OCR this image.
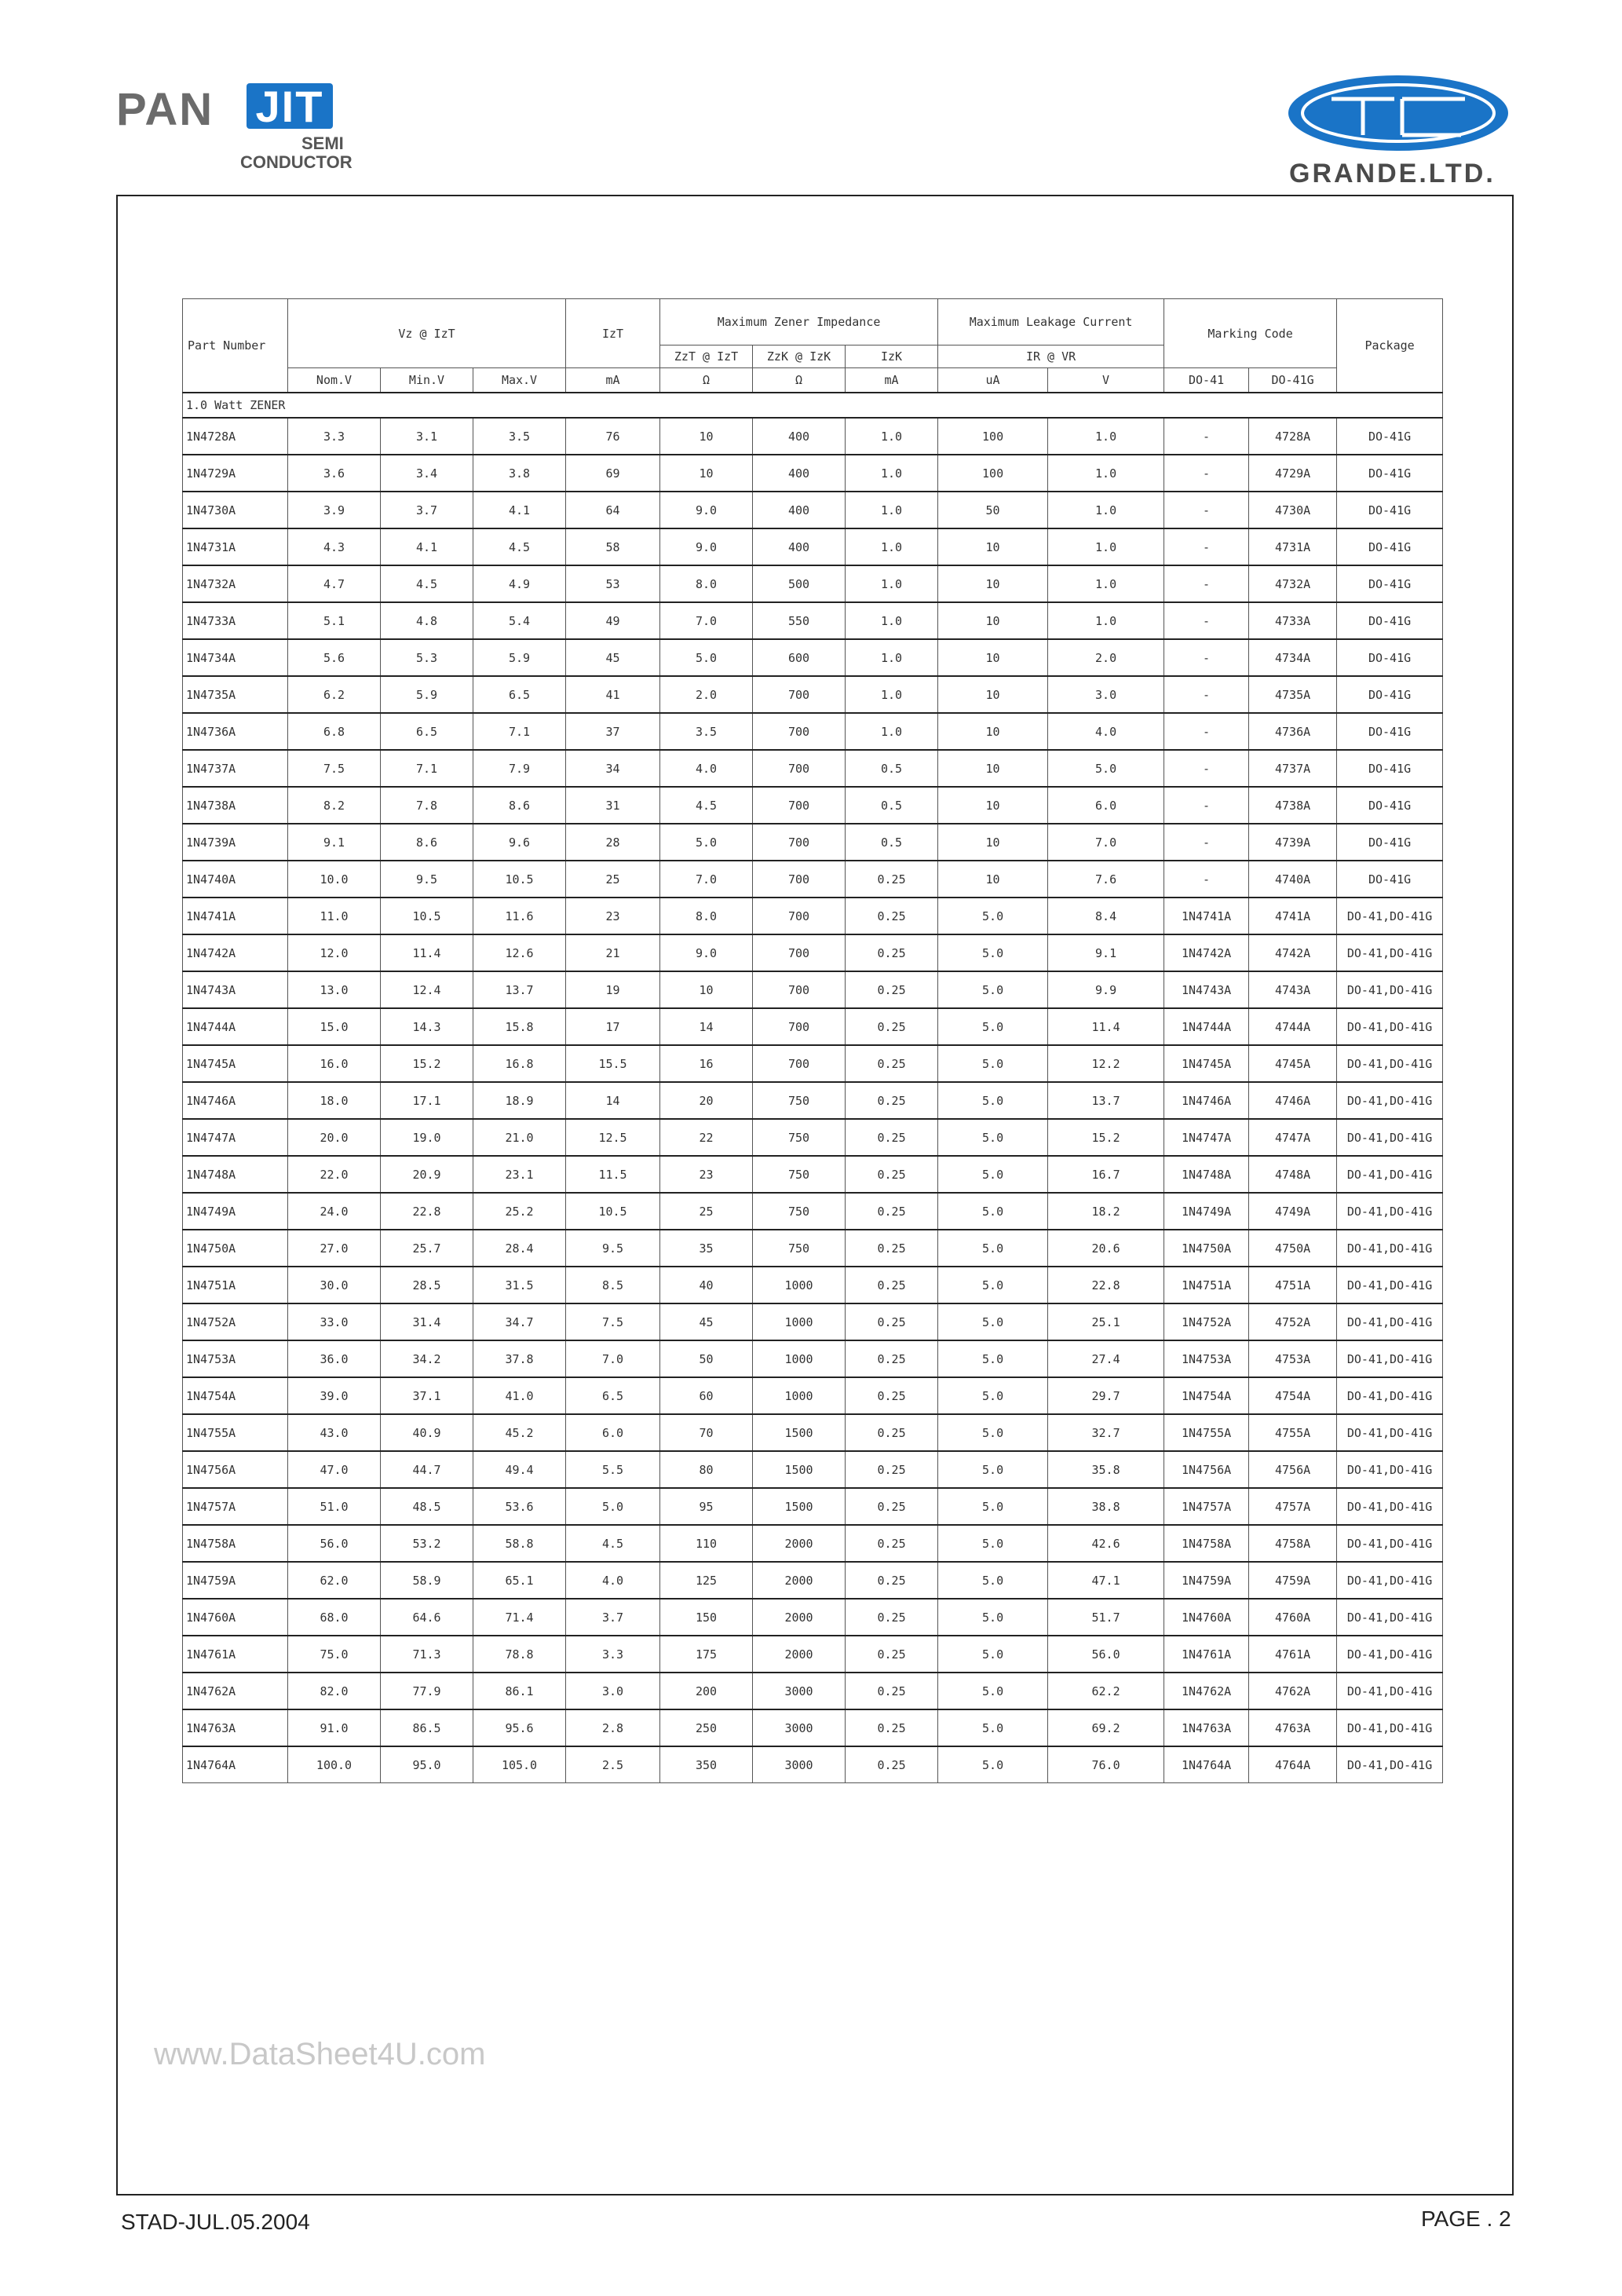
PAN JIT
SEMI
CONDUCTOR	GRANDE.LTD.
Part Number	Vz @ IzT			IzT	Maximum Zener Impedance			Maximum Leakage Current		Marking Code		Package
					ZzT @ IzT	ZzK @ IzK	IzK	IR @ VR				
	Nom.V	Min.V	Max.V	mA	Ω	Ω	mA	uA	V	DO-41	DO-41G	
1.0 Watt ZENER												
1N4728A	3.3	3.1	3.5	76	10	400	1.0	100	1.0	-	4728A	DO-41G
1N4729A	3.6	3.4	3.8	69	10	400	1.0	100	1.0	-	4729A	DO-41G
1N4730A	3.9	3.7	4.1	64	9.0	400	1.0	50	1.0	-	4730A	DO-41G
1N4731A	4.3	4.1	4.5	58	9.0	400	1.0	10	1.0	-	4731A	DO-41G
1N4732A	4.7	4.5	4.9	53	8.0	500	1.0	10	1.0	-	4732A	DO-41G
1N4733A	5.1	4.8	5.4	49	7.0	550	1.0	10	1.0	-	4733A	DO-41G
1N4734A	5.6	5.3	5.9	45	5.0	600	1.0	10	2.0	-	4734A	DO-41G
1N4735A	6.2	5.9	6.5	41	2.0	700	1.0	10	3.0	-	4735A	DO-41G
1N4736A	6.8	6.5	7.1	37	3.5	700	1.0	10	4.0	-	4736A	DO-41G
1N4737A	7.5	7.1	7.9	34	4.0	700	0.5	10	5.0	-	4737A	DO-41G
1N4738A	8.2	7.8	8.6	31	4.5	700	0.5	10	6.0	-	4738A	DO-41G
1N4739A	9.1	8.6	9.6	28	5.0	700	0.5	10	7.0	-	4739A	DO-41G
1N4740A	10.0	9.5	10.5	25	7.0	700	0.25	10	7.6	-	4740A	DO-41G
1N4741A	11.0	10.5	11.6	23	8.0	700	0.25	5.0	8.4	1N4741A	4741A	DO-41,DO-41G
1N4742A	12.0	11.4	12.6	21	9.0	700	0.25	5.0	9.1	1N4742A	4742A	DO-41,DO-41G
1N4743A	13.0	12.4	13.7	19	10	700	0.25	5.0	9.9	1N4743A	4743A	DO-41,DO-41G
1N4744A	15.0	14.3	15.8	17	14	700	0.25	5.0	11.4	1N4744A	4744A	DO-41,DO-41G
1N4745A	16.0	15.2	16.8	15.5	16	700	0.25	5.0	12.2	1N4745A	4745A	DO-41,DO-41G
1N4746A	18.0	17.1	18.9	14	20	750	0.25	5.0	13.7	1N4746A	4746A	DO-41,DO-41G
1N4747A	20.0	19.0	21.0	12.5	22	750	0.25	5.0	15.2	1N4747A	4747A	DO-41,DO-41G
1N4748A	22.0	20.9	23.1	11.5	23	750	0.25	5.0	16.7	1N4748A	4748A	DO-41,DO-41G
1N4749A	24.0	22.8	25.2	10.5	25	750	0.25	5.0	18.2	1N4749A	4749A	DO-41,DO-41G
1N4750A	27.0	25.7	28.4	9.5	35	750	0.25	5.0	20.6	1N4750A	4750A	DO-41,DO-41G
1N4751A	30.0	28.5	31.5	8.5	40	1000	0.25	5.0	22.8	1N4751A	4751A	DO-41,DO-41G
1N4752A	33.0	31.4	34.7	7.5	45	1000	0.25	5.0	25.1	1N4752A	4752A	DO-41,DO-41G
1N4753A	36.0	34.2	37.8	7.0	50	1000	0.25	5.0	27.4	1N4753A	4753A	DO-41,DO-41G
1N4754A	39.0	37.1	41.0	6.5	60	1000	0.25	5.0	29.7	1N4754A	4754A	DO-41,DO-41G
1N4755A	43.0	40.9	45.2	6.0	70	1500	0.25	5.0	32.7	1N4755A	4755A	DO-41,DO-41G
1N4756A	47.0	44.7	49.4	5.5	80	1500	0.25	5.0	35.8	1N4756A	4756A	DO-41,DO-41G
1N4757A	51.0	48.5	53.6	5.0	95	1500	0.25	5.0	38.8	1N4757A	4757A	DO-41,DO-41G
1N4758A	56.0	53.2	58.8	4.5	110	2000	0.25	5.0	42.6	1N4758A	4758A	DO-41,DO-41G
1N4759A	62.0	58.9	65.1	4.0	125	2000	0.25	5.0	47.1	1N4759A	4759A	DO-41,DO-41G
1N4760A	68.0	64.6	71.4	3.7	150	2000	0.25	5.0	51.7	1N4760A	4760A	DO-41,DO-41G
1N4761A	75.0	71.3	78.8	3.3	175	2000	0.25	5.0	56.0	1N4761A	4761A	DO-41,DO-41G
1N4762A	82.0	77.9	86.1	3.0	200	3000	0.25	5.0	62.2	1N4762A	4762A	DO-41,DO-41G
1N4763A	91.0	86.5	95.6	2.8	250	3000	0.25	5.0	69.2	1N4763A	4763A	DO-41,DO-41G
1N4764A	100.0	95.0	105.0	2.5	350	3000	0.25	5.0	76.0	1N4764A	4764A	DO-41,DO-41G
www.DataSheet4U.com
STAD-JUL.05.2004	PAGE . 2
